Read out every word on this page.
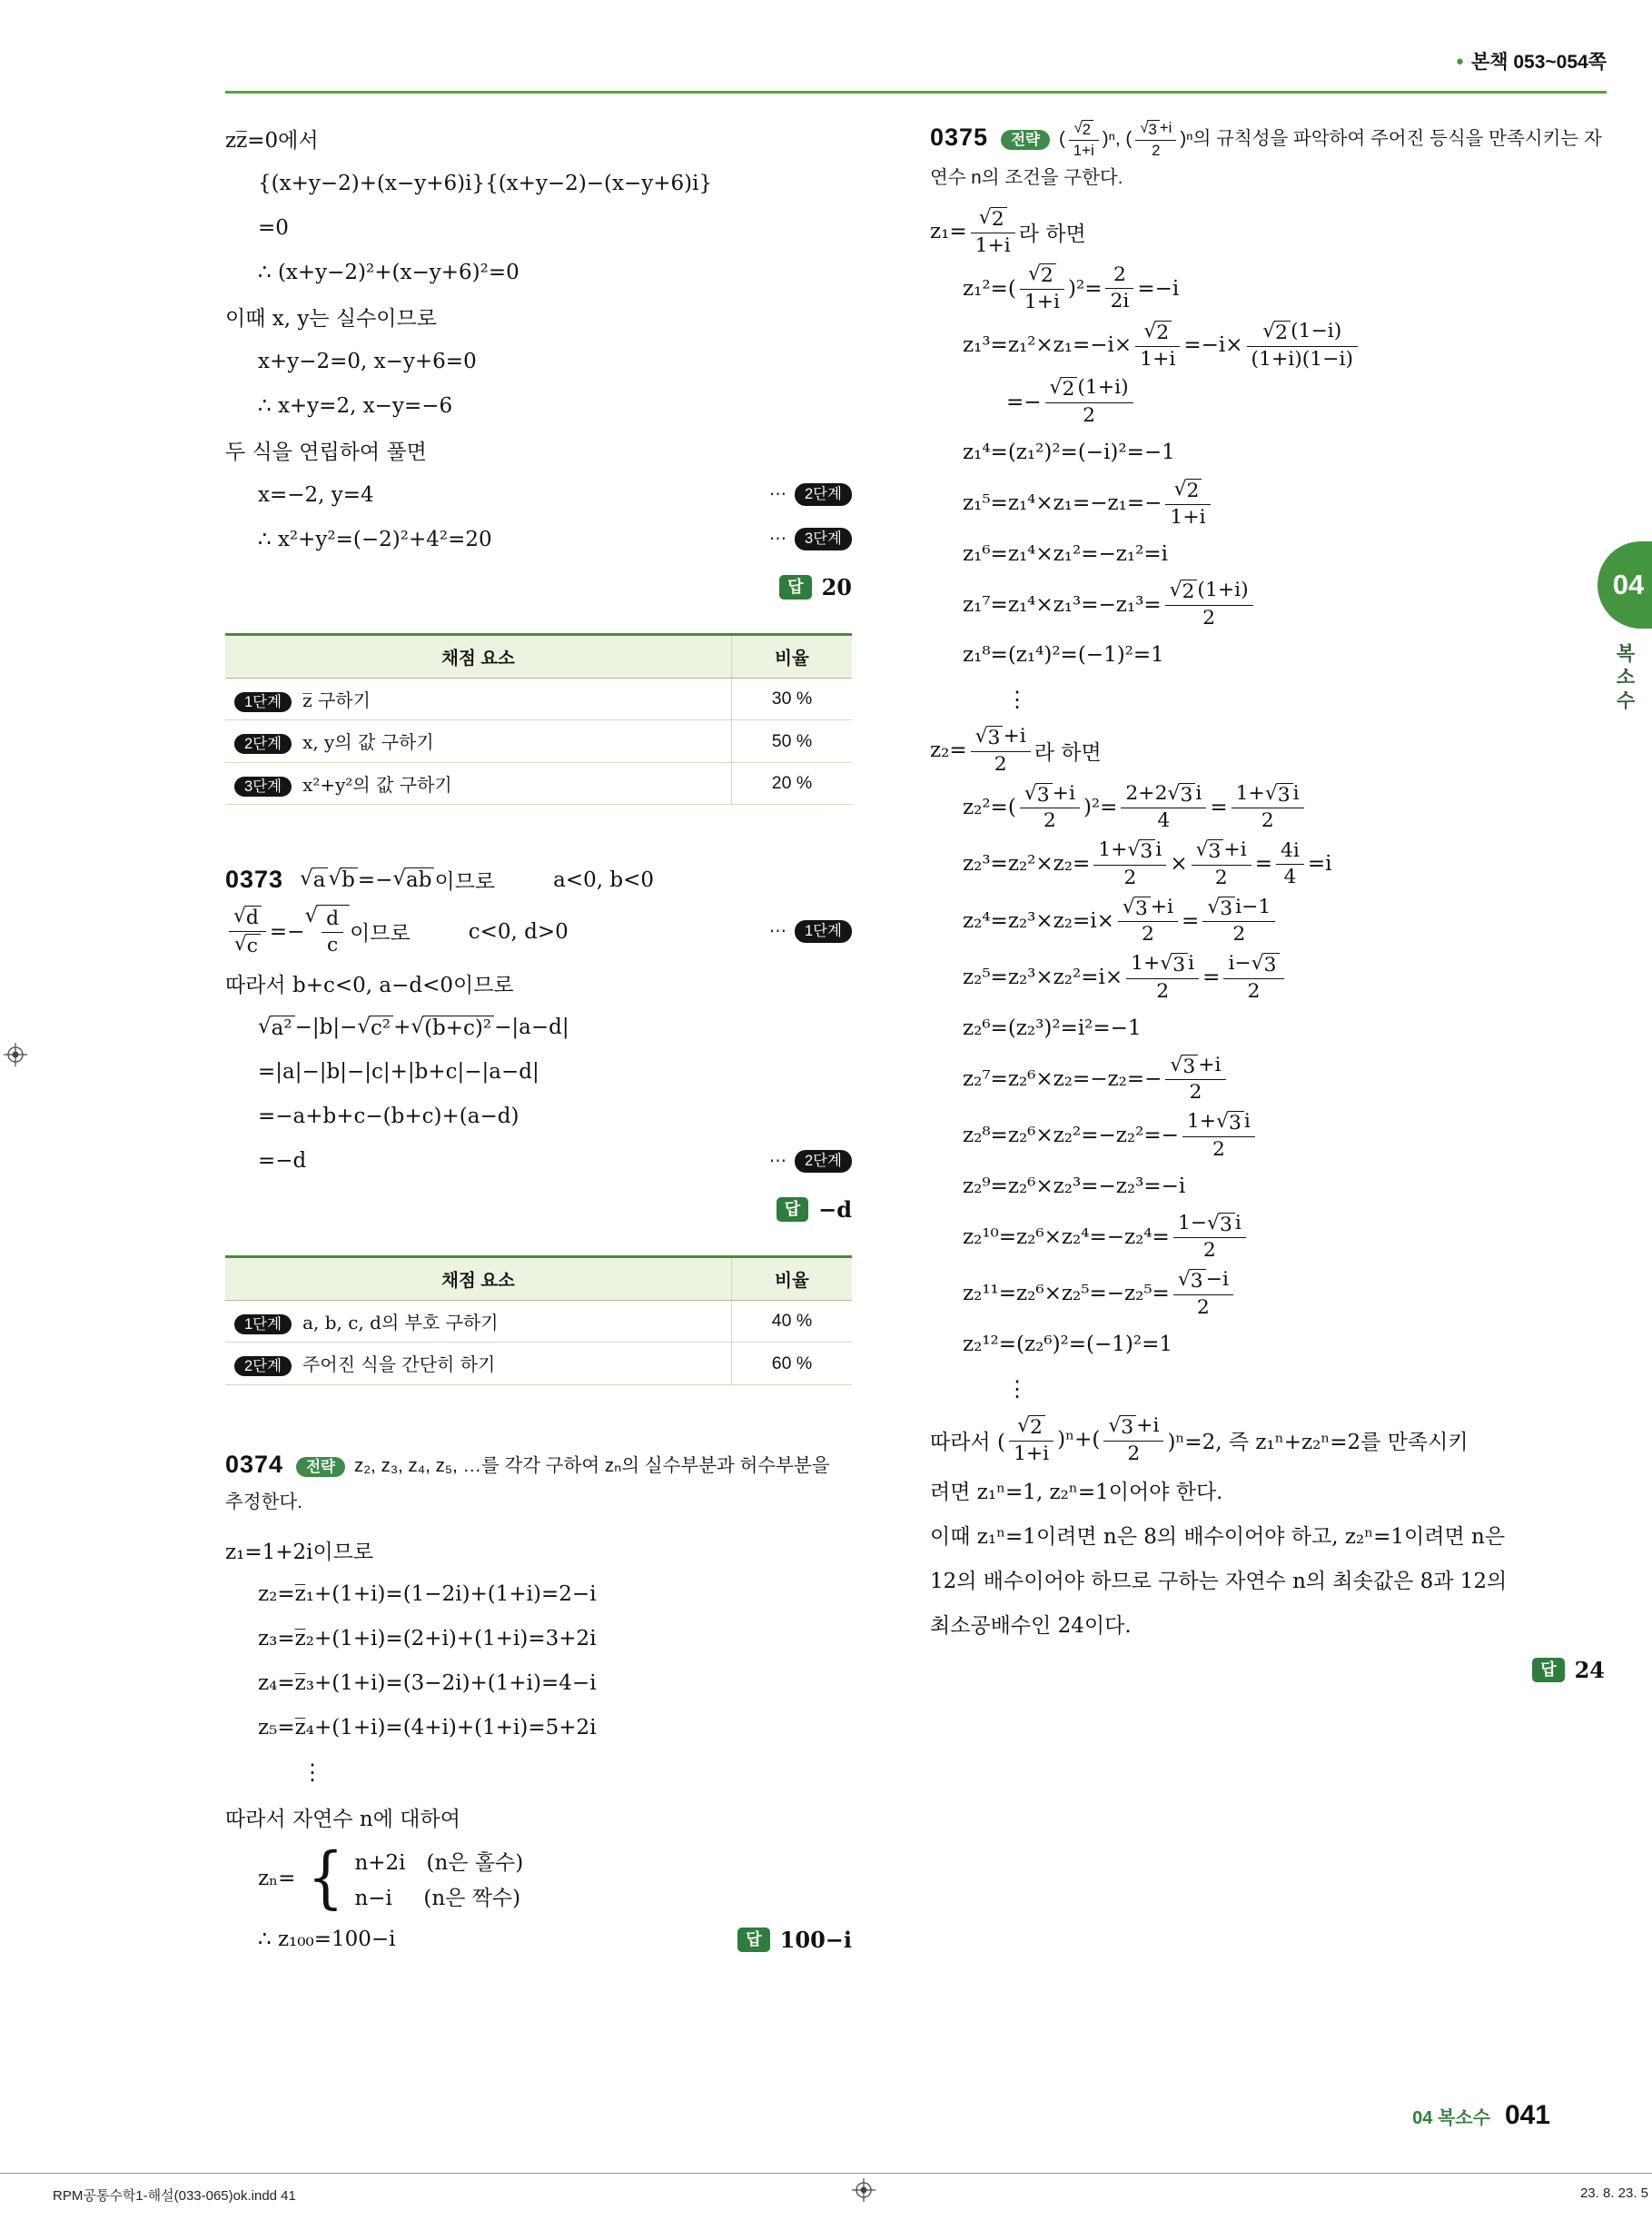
● 본책 053~054쪽
04
복소수
zz̅=0에서
{(x+y−2)+(x−y+6)i}{(x+y−2)−(x−y+6)i}
=0
∴ (x+y−2)²+(x−y+6)²=0
이때 x, y는 실수이므로
x+y−2=0, x−y+6=0
∴ x+y=2, x−y=−6
두 식을 연립하여 풀면
x=−2, y=4	⋯	2단계
∴ x²+y²=(−2)²+4²=20	⋯	3단계
답 20
채점 요소	비율
1단계 z̅ 구하기	30 %
2단계 x, y의 값 구하기	50 %
3단계 x²+y²의 값 구하기	20 %
0373 √ a √ b =− √ ab 이므로	a<0, b<0
√ d
√ c
=−
√ $\frac{d}{c}$ 이므로	c<0, d>0	⋯	1단계
따라서 b+c<0, a−d<0이므로
√ a² −|b|− √ c² + √ (b+c)² −|a−d|
=|a|−|b|−|c|+|b+c|−|a−d|
=−a+b+c−(b+c)+(a−d)
=−d	⋯	2단계
답 −d
채점 요소	비율
1단계 a, b, c, d의 부호 구하기	40 %
2단계 주어진 식을 간단히 하기	60 %
0374 전략 z₂, z₃, z₄, z₅, …를 각각 구하여 zₙ의 실수부분과 허수부분을 추정한다.
z₁=1+2i이므로
z₂=z̅₁+(1+i)=(1−2i)+(1+i)=2−i
z₃=z̅₂+(1+i)=(2+i)+(1+i)=3+2i
z₄=z̅₃+(1+i)=(3−2i)+(1+i)=4−i
z₅=z̅₄+(1+i)=(4+i)+(1+i)=5+2i
⋮
따라서 자연수 n에 대하여
zₙ= { n+2i  (n은 홀수)
n−i   (n은 짝수)
∴ z₁₀₀=100−i	답 100−i
0375 전략 ( $\frac{√ 2}{1+i} )^n$, ( $\frac{√ 3 +i}{2} )^n$의 규칙성을 파악하여 주어진 등식을 만족시키는 자연수 n의 조건을 구한다.
z₁=
√ 2
1+i 라 하면
z₁²=(
√ 2
1+i
)²=
2
2i
=−i
z₁³=z₁²×z₁=−i×
√ 2
1+i
=−i×
√ 2 (1−i)
(1+i)(1−i)
=−
√ 2 (1+i)
2
z₁⁴=(z₁²)²=(−i)²=−1
z₁⁵=z₁⁴×z₁=−z₁=−
√ 2
1+i
z₁⁶=z₁⁴×z₁²=−z₁²=i
z₁⁷=z₁⁴×z₁³=−z₁³=
√ 2 (1+i)
2
z₁⁸=(z₁⁴)²=(−1)²=1
⋮
z₂=
√ 3 +i
2	라 하면
z₂²=(
√ 3 +i
2
)²=
2+2 √ 3 i
4
=
1+ √ 3 i
2
z₂³=z₂²×z₂=
1+ √ 3 i
2
×
√ 3 +i
2
=
4i
4
=i
z₂⁴=z₂³×z₂=i×
√ 3 +i
2
=
√ 3 i−1
2
z₂⁵=z₂³×z₂²=i×
1+ √ 3 i
2
=
i− √ 3
2
z₂⁶=(z₂³)²=i²=−1
z₂⁷=z₂⁶×z₂=−z₂=−
√ 3 +i
2
z₂⁸=z₂⁶×z₂²=−z₂²=−
1+ √ 3 i
2
z₂⁹=z₂⁶×z₂³=−z₂³=−i
z₂¹⁰=z₂⁶×z₂⁴=−z₂⁴=
1− √ 3 i
2
z₂¹¹=z₂⁶×z₂⁵=−z₂⁵=
√ 3 −i
2
z₂¹²=(z₂⁶)²=(−1)²=1
⋮
따라서 (
√ 2
1+i
)ⁿ+(
√ 3 +i
2	)ⁿ=2, 즉 z₁ⁿ+z₂ⁿ=2를 만족시키
려면 z₁ⁿ=1, z₂ⁿ=1이어야 한다.
이때 z₁ⁿ=1이려면 n은 8의 배수이어야 하고, z₂ⁿ=1이려면 n은
12의 배수이어야 하므로 구하는 자연수 n의 최솟값은 8과 12의
최소공배수인 24이다.
답 24
04 복소수 041
RPM공통수학1-해설(033-065)ok.indd 41	23. 8. 23. 5
